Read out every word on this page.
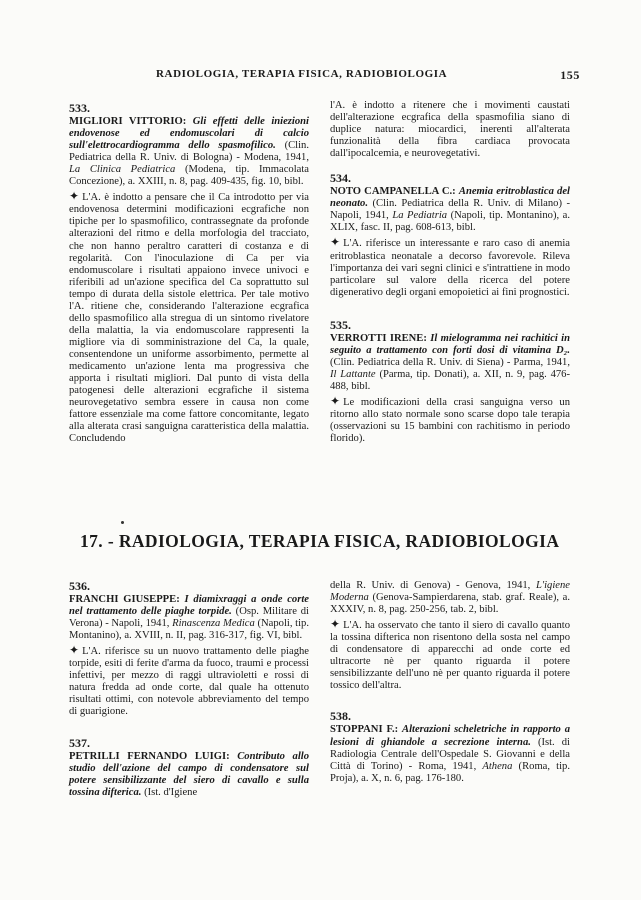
RADIOLOGIA, TERAPIA FISICA, RADIOBIOLOGIA	155
533.

MIGLIORI VITTORIO: Gli effetti delle iniezioni endovenose ed endomuscolari di calcio sull'elettrocardiogramma dello spasmofilico. (Clin. Pediatrica della R. Univ. di Bologna) - Modena, 1941, La Clinica Pediatrica (Modena, tip. Immacolata Concezione), a. XXIII, n. 8, pag. 409-435, fig. 10, bibl.

✦ L'A. è indotto a pensare che il Ca introdotto per via endovenosa determini modificazioni ecgrafiche non tipiche per lo spasmofilico, contrassegnate da profonde alterazioni del ritmo e della morfologia del tracciato, che non hanno peraltro caratteri di costanza e di regolarità. Con l'inoculazione di Ca per via endomuscolare i risultati appaiono invece univoci e riferibili ad un'azione specifica del Ca soprattutto sul tempo di durata della sistole elettrica. Per tale motivo l'A. ritiene che, considerando l'alterazione ecgrafica dello spasmofilico alla stregua di un sintomo rivelatore della malattia, la via endomuscolare rappresenti la migliore via di somministrazione del Ca, la quale, consentendone un uniforme assorbimento, permette al medicamento un'azione lenta ma progressiva che apporta i risultati migliori. Dal punto di vista della patogenesi delle alterazioni ecgrafiche il sistema neurovegetativo sembra essere in causa non come fattore essenziale ma come fattore concomitante, legato alla alterata crasi sanguigna caratteristica della malattia. Concludendo

l'A. è indotto a ritenere che i movimenti caustati dell'alterazione ecgrafica della spasmofilia siano di duplice natura: miocardici, inerenti all'alterata funzionalità della fibra cardiaca provocata dall'ipocalcemia, e neurovegetativi.

534.

NOTO CAMPANELLA C.: Anemia eritroblastica del neonato. (Clin. Pediatrica della R. Univ. di Milano) - Napoli, 1941, La Pediatria (Napoli, tip. Montanino), a. XLIX, fasc. II, pag. 608-613, bibl.

✦ L'A. riferisce un interessante e raro caso di anemia eritroblastica neonatale a decorso favorevole. Rileva l'importanza dei vari segni clinici e s'intrattiene in modo particolare sul valore della ricerca del potere digenerativo degli organi emopoietici ai fini prognostici.

535.

VERROTTI IRENE: Il mielogramma nei rachitici in seguito a trattamento con forti dosi di vitamina D₂. (Clin. Pediatrica della R. Univ. di Siena) - Parma, 1941, Il Lattante (Parma, tip. Donati), a. XII, n. 9, pag. 476-488, bibl.

✦ Le modificazioni della crasi sanguigna verso un ritorno allo stato normale sono scarse dopo tale terapia (osservazioni su 15 bambini con rachitismo in periodo florido).

17. - RADIOLOGIA, TERAPIA FISICA, RADIOBIOLOGIA
536.

FRANCHI GIUSEPPE: I diamixraggi a onde corte nel trattamento delle piaghe torpide. (Osp. Militare di Verona) - Napoli, 1941, Rinascenza Medica (Napoli, tip. Montanino), a. XVIII, n. II, pag. 316-317, fig. VI, bibl.

✦ L'A. riferisce su un nuovo trattamento delle piaghe torpide, esiti di ferite d'arma da fuoco, traumi e processi infettivi, per mezzo di raggi ultravioletti e rossi di natura fredda ad onde corte, dal quale ha ottenuto risultati ottimi, con notevole abbreviamento del tempo di guarigione.

537.

PETRILLI FERNANDO LUIGI: Contributo allo studio dell'azione del campo di condensatore sul potere sensibilizzante del siero di cavallo e sulla tossina difterica. (Ist. d'Igiene

della R. Univ. di Genova) - Genova, 1941, L'igiene Moderna (Genova-Sampierdarena, stab. graf. Reale), a. XXXIV, n. 8, pag. 250-256, tab. 2, bibl.

✦ L'A. ha osservato che tanto il siero di cavallo quanto la tossina difterica non risentono della sosta nel campo di condensatore di apparecchi ad onde corte ed ultracorte nè per quanto riguarda il potere sensibilizzante dell'uno nè per quanto riguarda il potere tossico dell'altra.

538.

STOPPANI F.: Alterazioni scheletriche in rapporto a lesioni di ghiandole a secrezione interna. (Ist. di Radiologia Centrale dell'Ospedale S. Giovanni e della Città di Torino) - Roma, 1941, Athena (Roma, tip. Proja), a. X, n. 6, pag. 176-180.
